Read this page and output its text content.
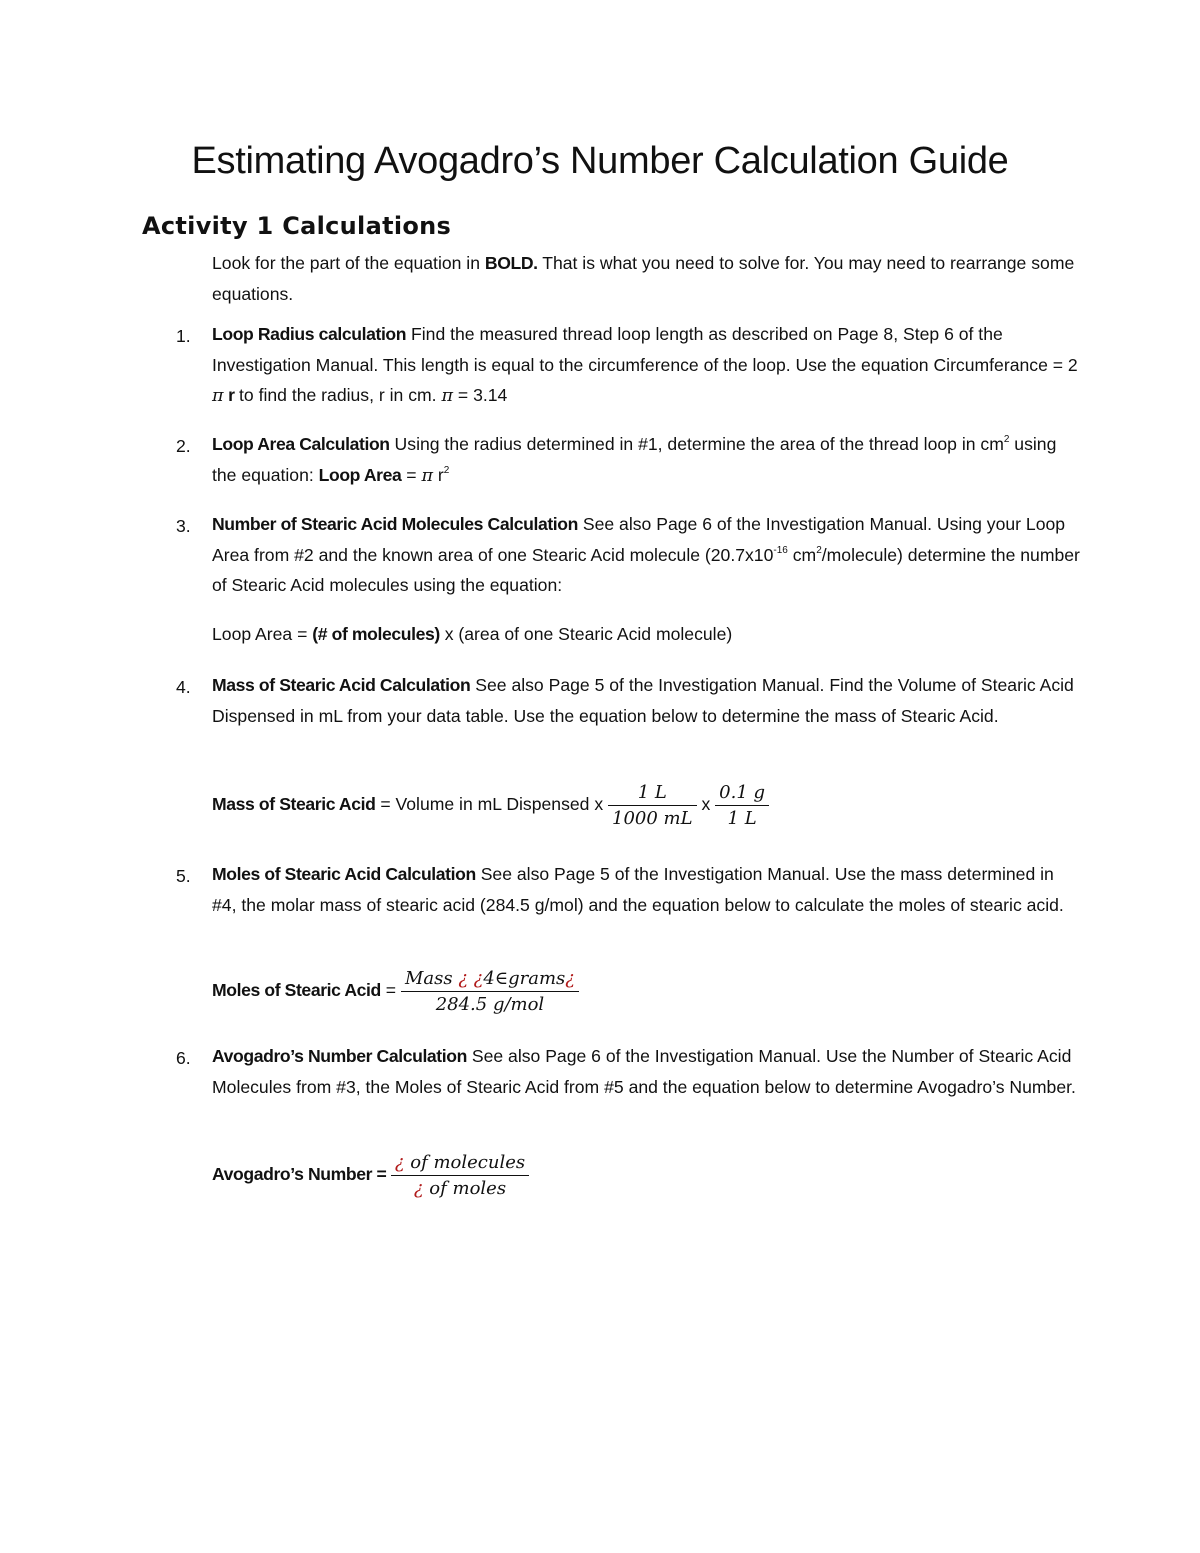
Estimating Avogadro’s Number Calculation Guide
Activity 1 Calculations
Look for the part of the equation in BOLD. That is what you need to solve for. You may need to rearrange some equations.
1. Loop Radius calculation Find the measured thread loop length as described on Page 8, Step 6 of the Investigation Manual. This length is equal to the circumference of the loop. Use the equation Circumferance = 2 π r to find the radius, r in cm. π = 3.14
2. Loop Area Calculation Using the radius determined in #1, determine the area of the thread loop in $cm^2$ using the equation: Loop Area = π $r^2$
3. Number of Stearic Acid Molecules Calculation See also Page 6 of the Investigation Manual. Using your Loop Area from #2 and the known area of one Stearic Acid molecule ($20.7x10^{-16}$ $cm^2/molecule$) determine the number of Stearic Acid molecules using the equation:
Loop Area = (# of molecules) x (area of one Stearic Acid molecule)
4. Mass of Stearic Acid Calculation See also Page 5 of the Investigation Manual. Find the Volume of Stearic Acid Dispensed in mL from your data table. Use the equation below to determine the mass of Stearic Acid.
Mass of Stearic Acid = Volume in mL Dispensed x $\frac{1 L}{1000 mL}$ x $\frac{0.1 g}{1 L}$
5. Moles of Stearic Acid Calculation See also Page 5 of the Investigation Manual. Use the mass determined in #4, the molar mass of stearic acid (284.5 g/mol) and the equation below to calculate the moles of stearic acid.
Moles of Stearic Acid = $\frac{\text{Mass ¿ ¿4∈grams¿}}{\text{284.5 g/mol}}$
6. Avogadro’s Number Calculation See also Page 6 of the Investigation Manual. Use the Number of Stearic Acid Molecules from #3, the Moles of Stearic Acid from #5 and the equation below to determine Avogadro’s Number.
Avogadro’s Number = $\frac{\text{¿ of molecules}}{\text{¿ of moles}}$
